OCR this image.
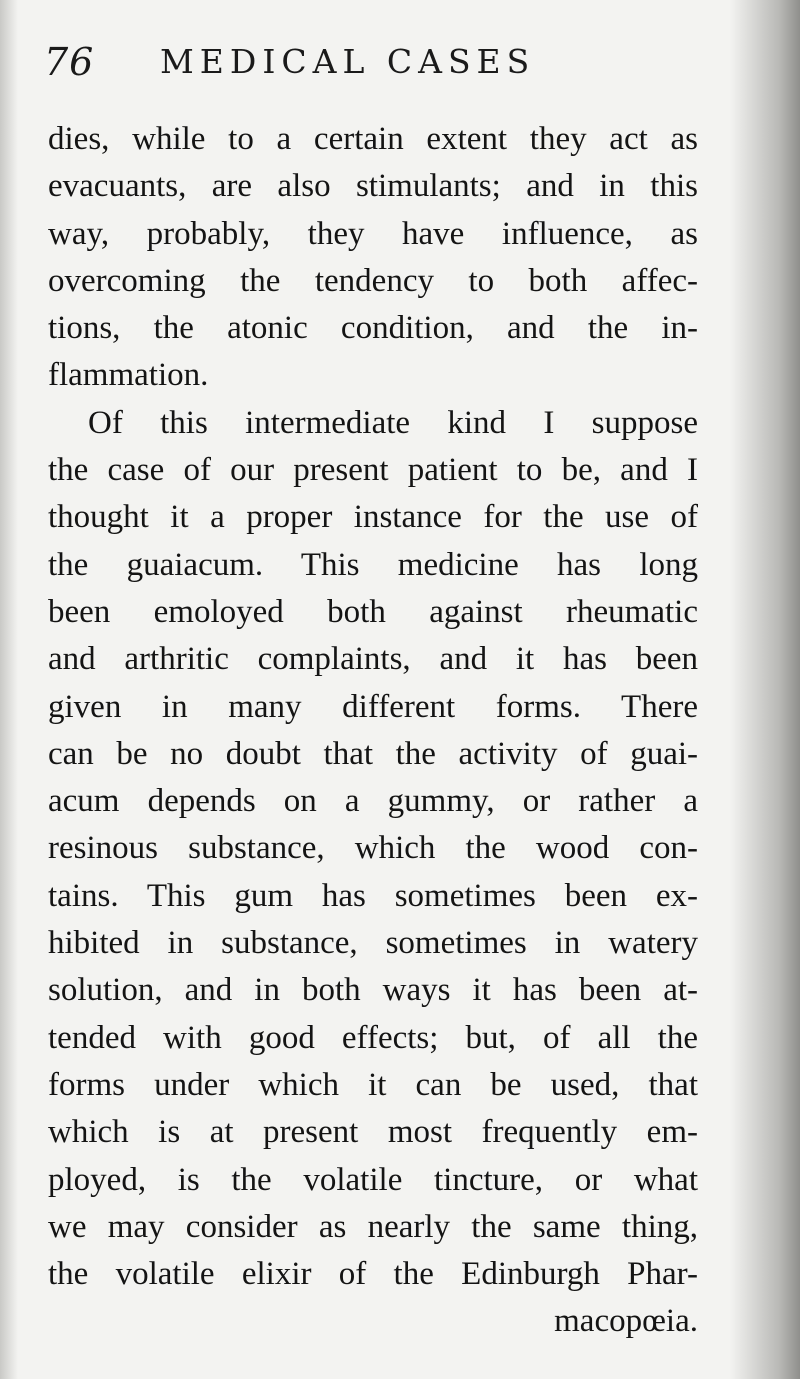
76 MEDICAL CASES
dies, while to a certain extent they act as
evacuants, are also stimulants; and in this
way, probably, they have influence, as
overcoming the tendency to both affec-
tions, the atonic condition, and the in-
flammation.
Of this intermediate kind I suppose
the case of our present patient to be, and I
thought it a proper instance for the use of
the guaiacum. This medicine has long
been emoloyed both against rheumatic
and arthritic complaints, and it has been
given in many different forms. There
can be no doubt that the activity of guai-
acum depends on a gummy, or rather a
resinous substance, which the wood con-
tains. This gum has sometimes been ex-
hibited in substance, sometimes in watery
solution, and in both ways it has been at-
tended with good effects; but, of all the
forms under which it can be used, that
which is at present most frequently em-
ployed, is the volatile tincture, or what
we may consider as nearly the same thing,
the volatile elixir of the Edinburgh Phar-
macopœia.
